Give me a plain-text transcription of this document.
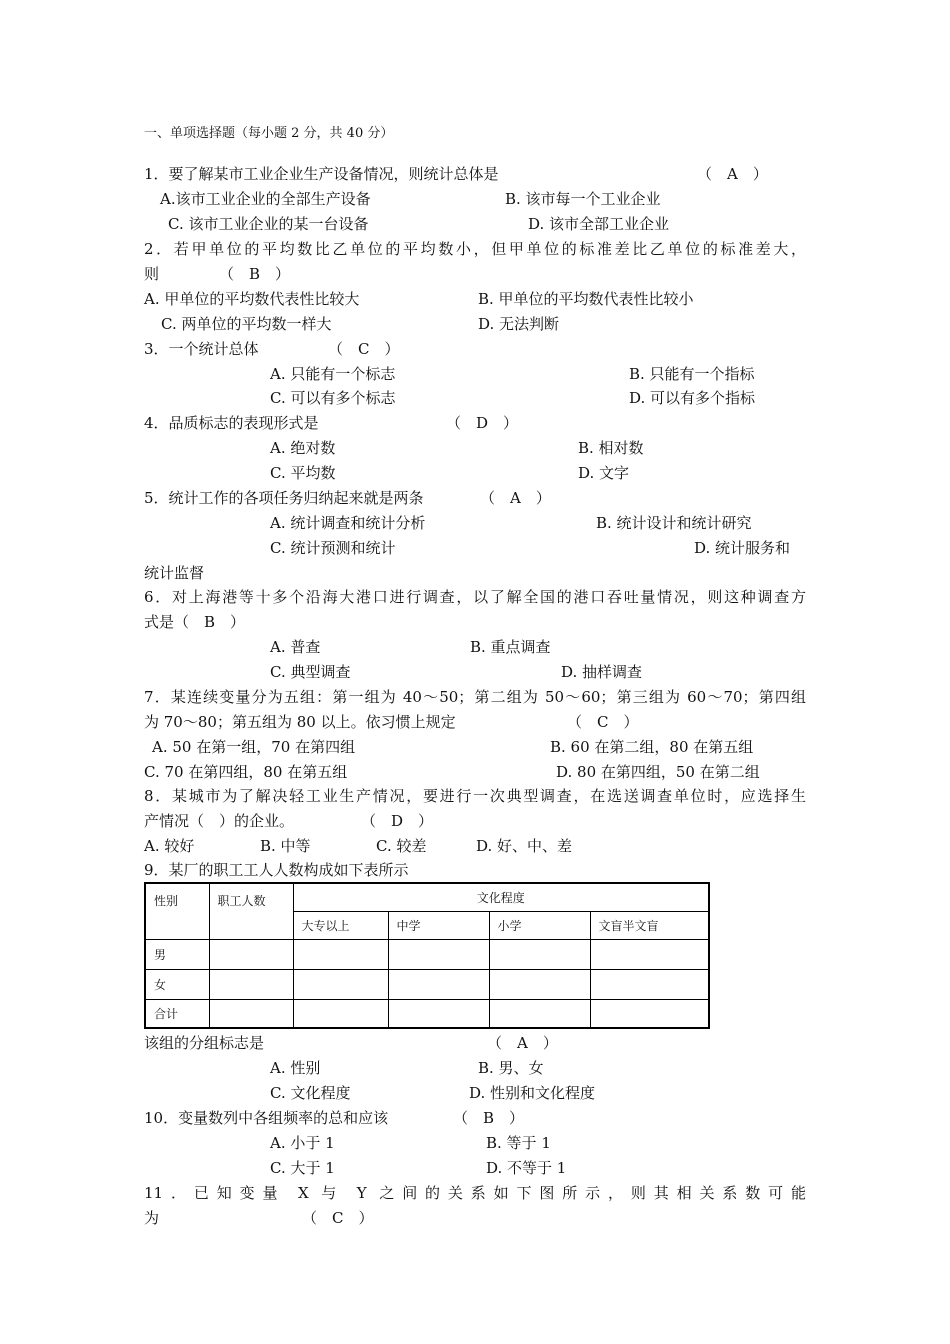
一、单项选择题（每小题 2 分，共 40 分）
1．要了解某市工业企业生产设备情况，则统计总体是	（　A　）
A.该市工业企业的全部生产设备	B. 该市每一个工业企业
C. 该市工业企业的某一台设备	D. 该市全部工业企业
2．若甲单位的平均数比乙单位的平均数小，但甲单位的标准差比乙单位的标准差大，
则	（　B　）
A. 甲单位的平均数代表性比较大	B. 甲单位的平均数代表性比较小
C. 两单位的平均数一样大	D. 无法判断
3．一个统计总体	（　C　）
A. 只能有一个标志	B. 只能有一个指标
C. 可以有多个标志	D. 可以有多个指标
4．品质标志的表现形式是	（　D　）
A. 绝对数	B. 相对数
C. 平均数	D. 文字
5．统计工作的各项任务归纳起来就是两条	（　A　）
A. 统计调查和统计分析	B. 统计设计和统计研究
C. 统计预测和统计	D. 统计服务和
统计监督
6．对上海港等十多个沿海大港口进行调查，以了解全国的港口吞吐量情况，则这种调查方
式是（　B　）
A. 普查	B. 重点调查
C. 典型调查	D. 抽样调查
7．某连续变量分为五组：第一组为 40～50；第二组为 50～60；第三组为 60～70；第四组
为 70～80；第五组为 80 以上。依习惯上规定	（　C　）
A. 50 在第一组，70 在第四组	B. 60 在第二组，80 在第五组
C. 70 在第四组，80 在第五组	D. 80 在第四组，50 在第二组
8．某城市为了解决轻工业生产情况，要进行一次典型调查，在选送调查单位时，应选择生
产情况（　）的企业。	（　D　）
A. 较好	B. 中等	C. 较差	D. 好、中、差
9．某厂的职工工人人数构成如下表所示
性别	职工人数	文化程度			
		大专以上	中学	小学	文盲半文盲
男					
女					
合计					
该组的分组标志是	（　A　）
A. 性别	B. 男、女
C. 文化程度	D. 性别和文化程度
10．变量数列中各组频率的总和应该	（　B　）
A. 小于 1	B. 等于 1
C. 大于 1	D. 不等于 1
11．已知变量 X 与 Y 之间的关系如下图所示，则其相关系数可能
为	（　C　）
